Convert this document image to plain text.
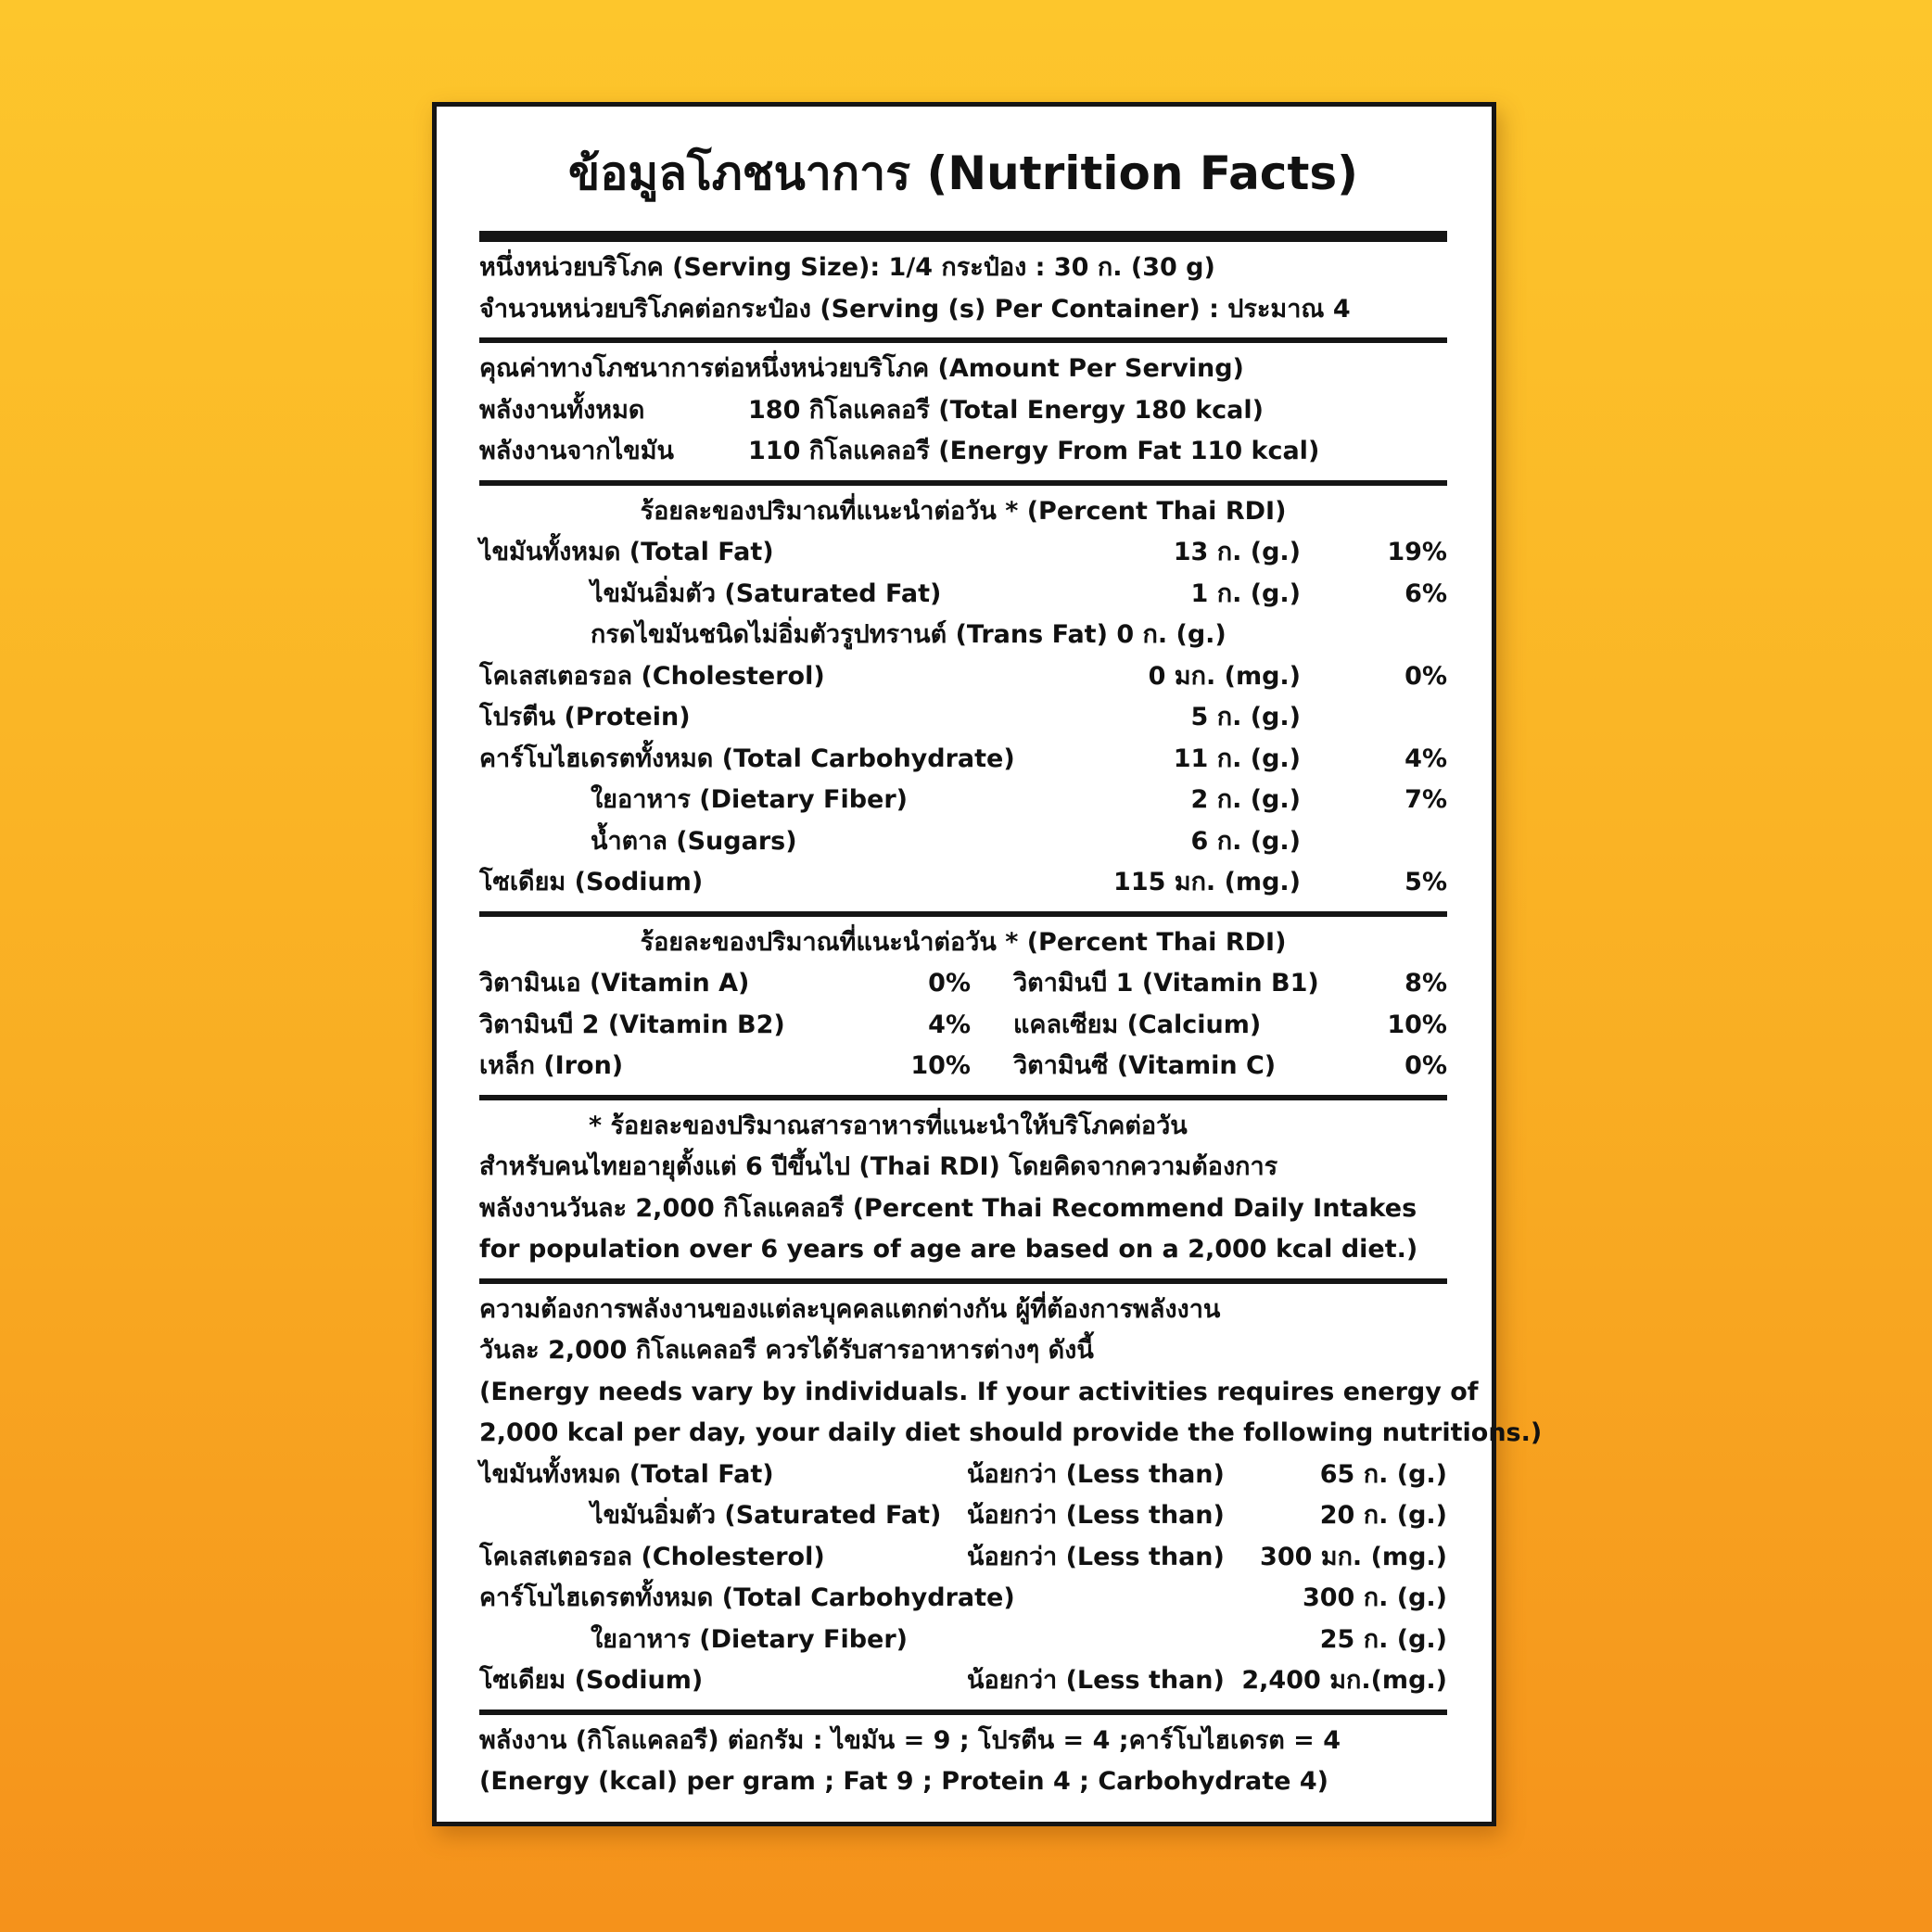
ข้อมูลโภชนาการ (Nutrition Facts)
หนึ่งหน่วยบริโภค (Serving Size): 1/4 กระป๋อง : 30 ก. (30 g)
จำนวนหน่วยบริโภคต่อกระป๋อง (Serving (s) Per Container) : ประมาณ 4
คุณค่าทางโภชนาการต่อหนึ่งหน่วยบริโภค (Amount Per Serving)
พลังงานทั้งหมด	180 กิโลแคลอรี (Total Energy 180 kcal)
พลังงานจากไขมัน	110 กิโลแคลอรี (Energy From Fat 110 kcal)
ร้อยละของปริมาณที่แนะนำต่อวัน * (Percent Thai RDI)
ไขมันทั้งหมด (Total Fat)	13 ก. (g.)	19%
ไขมันอิ่มตัว (Saturated Fat)	1 ก. (g.)	6%
กรดไขมันชนิดไม่อิ่มตัวรูปทรานต์ (Trans Fat) 0 ก. (g.)
โคเลสเตอรอล (Cholesterol)	0 มก. (mg.)	0%
โปรตีน (Protein)	5 ก. (g.)
คาร์โบไฮเดรตทั้งหมด (Total Carbohydrate)	11 ก. (g.)	4%
ใยอาหาร (Dietary Fiber)	2 ก. (g.)	7%
น้ำตาล (Sugars)	6 ก. (g.)
โซเดียม (Sodium)	115 มก. (mg.)	5%
ร้อยละของปริมาณที่แนะนำต่อวัน * (Percent Thai RDI)
วิตามินเอ (Vitamin A)	0% วิตามินบี 1 (Vitamin B1)	8%
วิตามินบี 2 (Vitamin B2)	4% แคลเซียม (Calcium)	10%
เหล็ก (Iron)	10% วิตามินซี (Vitamin C)	0%
* ร้อยละของปริมาณสารอาหารที่แนะนำให้บริโภคต่อวัน
สำหรับคนไทยอายุตั้งแต่ 6 ปีขึ้นไป (Thai RDI) โดยคิดจากความต้องการ
พลังงานวันละ 2,000 กิโลแคลอรี (Percent Thai Recommend Daily Intakes
for population over 6 years of age are based on a 2,000 kcal diet.)
ความต้องการพลังงานของแต่ละบุคคลแตกต่างกัน ผู้ที่ต้องการพลังงาน
วันละ 2,000 กิโลแคลอรี ควรได้รับสารอาหารต่างๆ ดังนี้
(Energy needs vary by individuals. If your activities requires energy of
2,000 kcal per day, your daily diet should provide the following nutritions.)
ไขมันทั้งหมด (Total Fat)	น้อยกว่า (Less than)	65 ก. (g.)
ไขมันอิ่มตัว (Saturated Fat) น้อยกว่า (Less than)	20 ก. (g.)
โคเลสเตอรอล (Cholesterol)	น้อยกว่า (Less than) 300 มก. (mg.)
คาร์โบไฮเดรตทั้งหมด (Total Carbohydrate)	300 ก. (g.)
ใยอาหาร (Dietary Fiber)	25 ก. (g.)
โซเดียม (Sodium)	น้อยกว่า (Less than) 2,400 มก.(mg.)
พลังงาน (กิโลแคลอรี) ต่อกรัม : ไขมัน = 9 ; โปรตีน = 4 ;คาร์โบไฮเดรต = 4
(Energy (kcal) per gram ; Fat 9 ; Protein 4 ; Carbohydrate 4)
